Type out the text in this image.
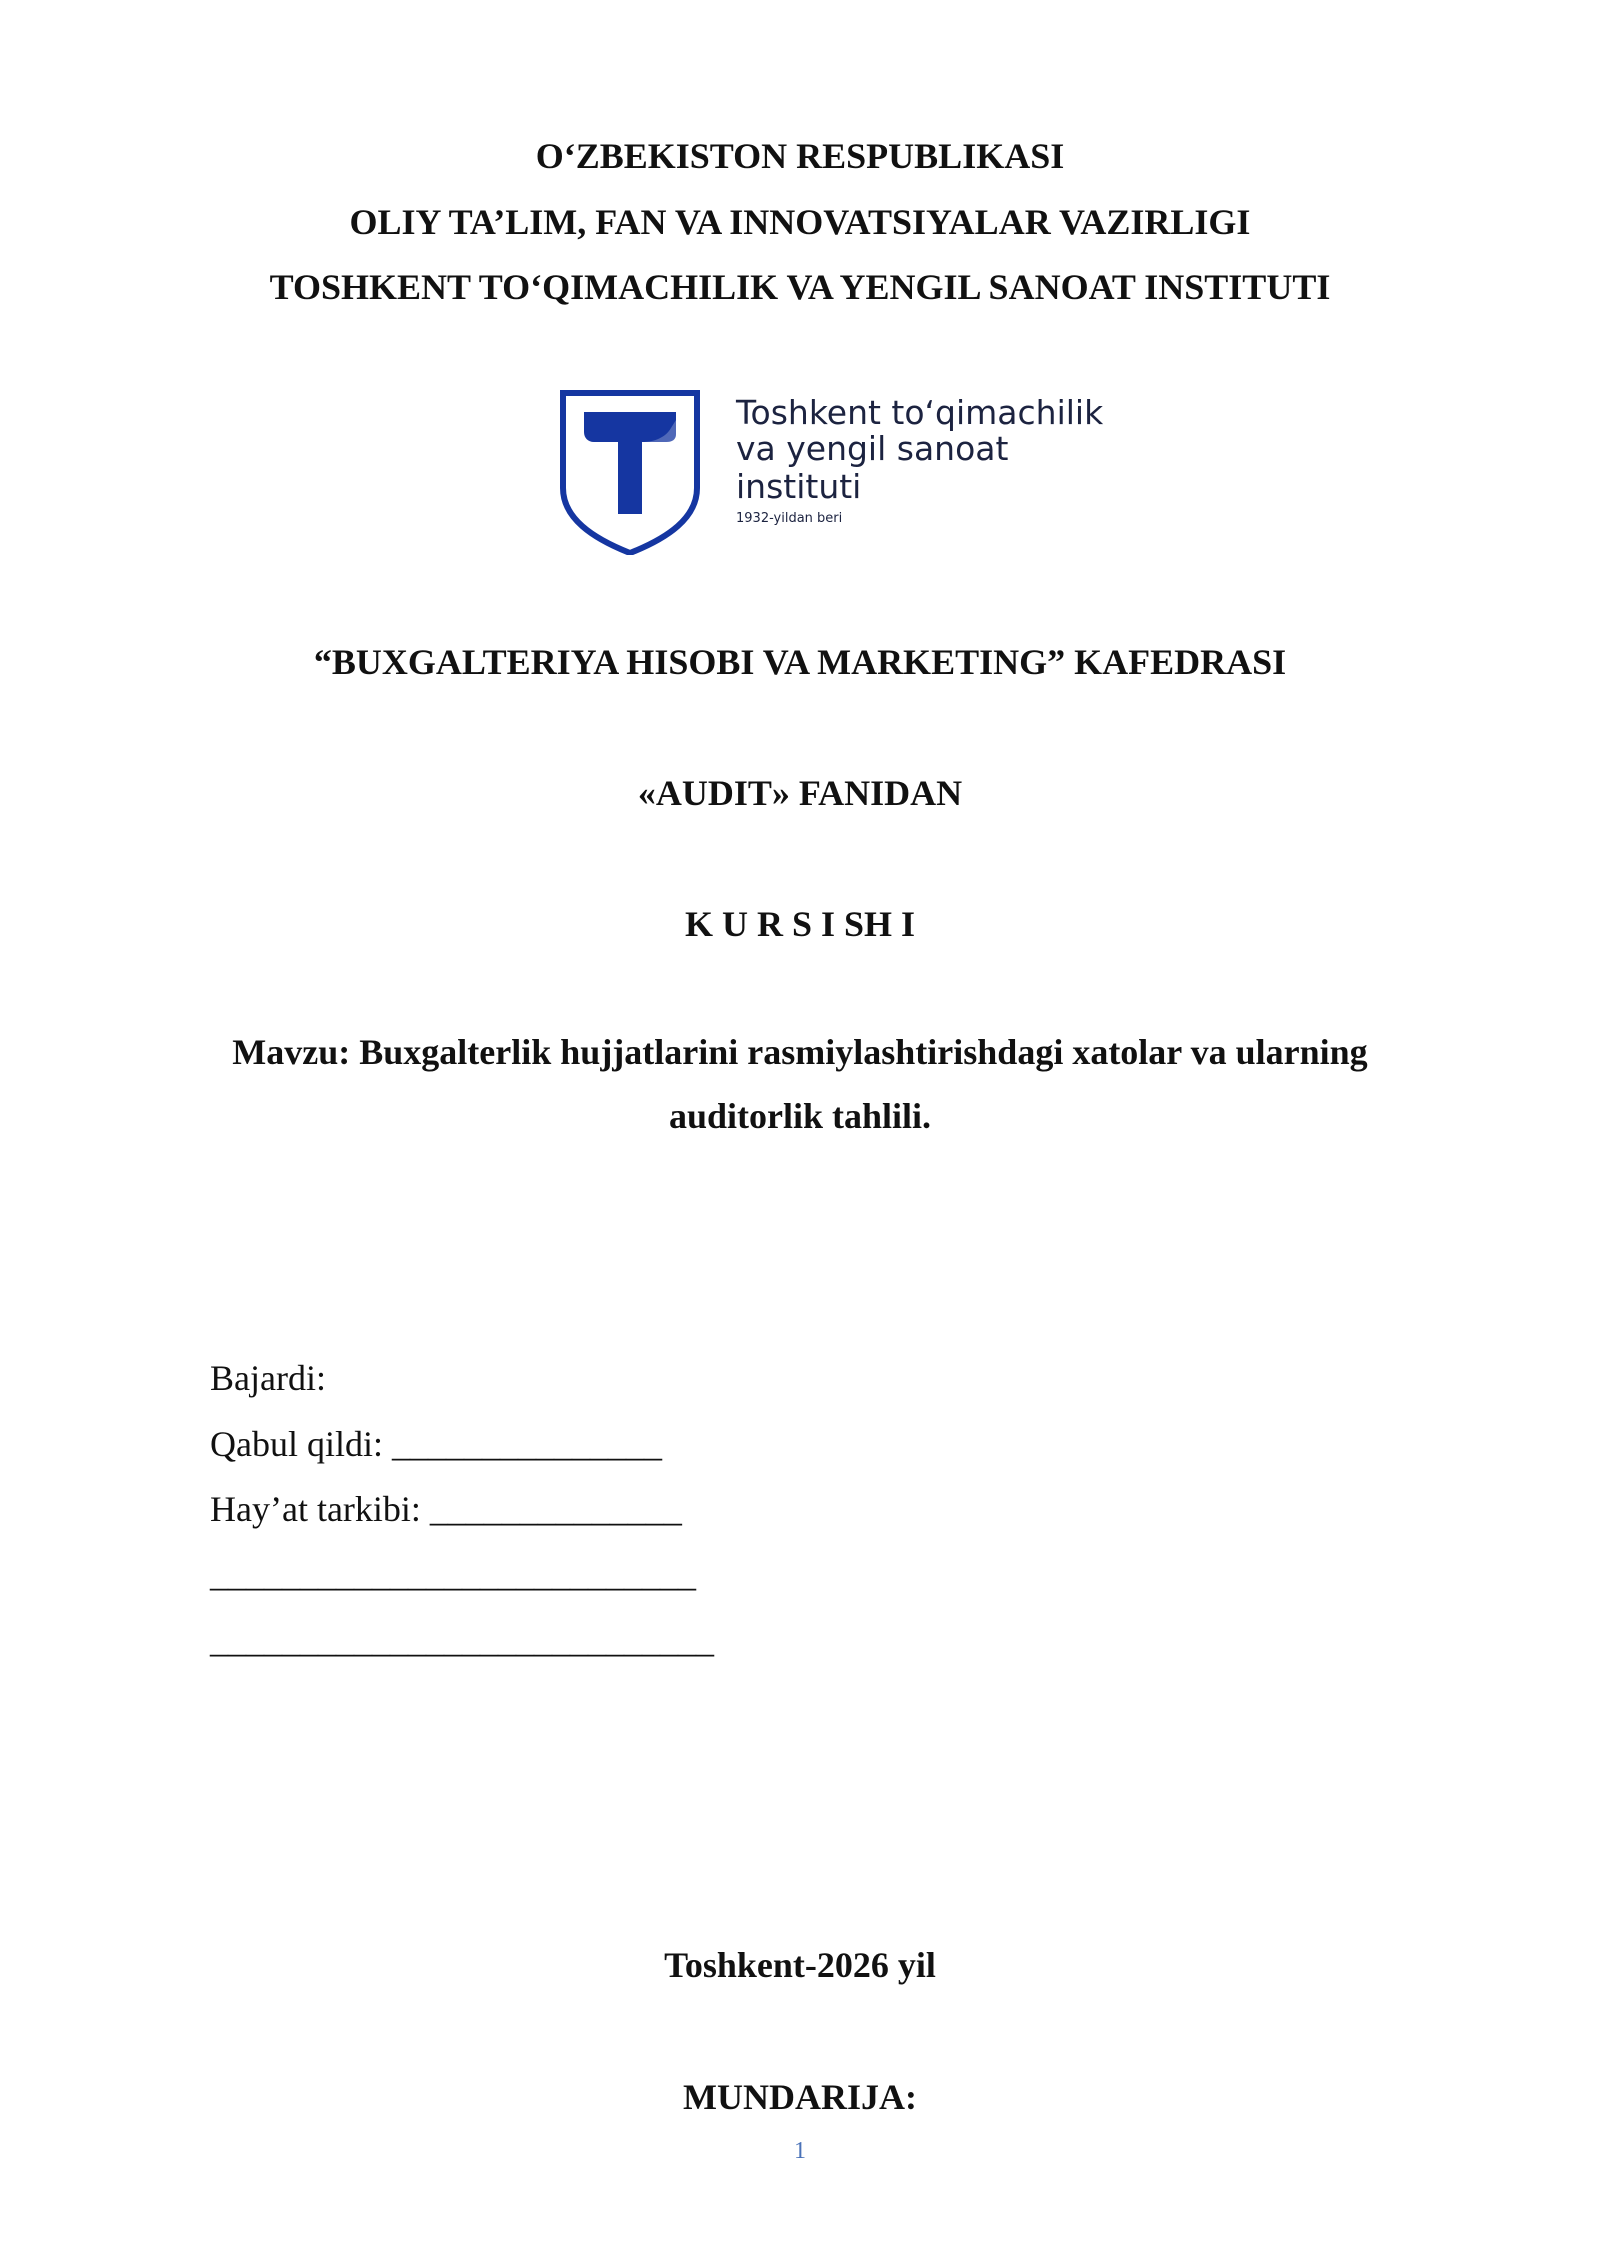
O‘ZBEKISTON RESPUBLIKASI
OLIY TA’LIM, FAN VA INNOVATSIYALAR VAZIRLIGI
TOSHKENT TO‘QIMACHILIK VA YENGIL SANOAT INSTITUTI
Toshkent to‘qimachilik
va yengil sanoat
instituti
1932-yildan beri
“BUXGALTERIYA HISOBI VA MARKETING” KAFEDRASI
«AUDIT» FANIDAN
K U R S I SH I
Mavzu: Buxgalterlik hujjatlarini rasmiylashtirishdagi xatolar va ularning
auditorlik tahlili.
Bajardi:
Qabul qildi: _______________
Hay’at tarkibi: ______________
___________________________
____________________________
Toshkent-2026 yil
MUNDARIJA:
1
